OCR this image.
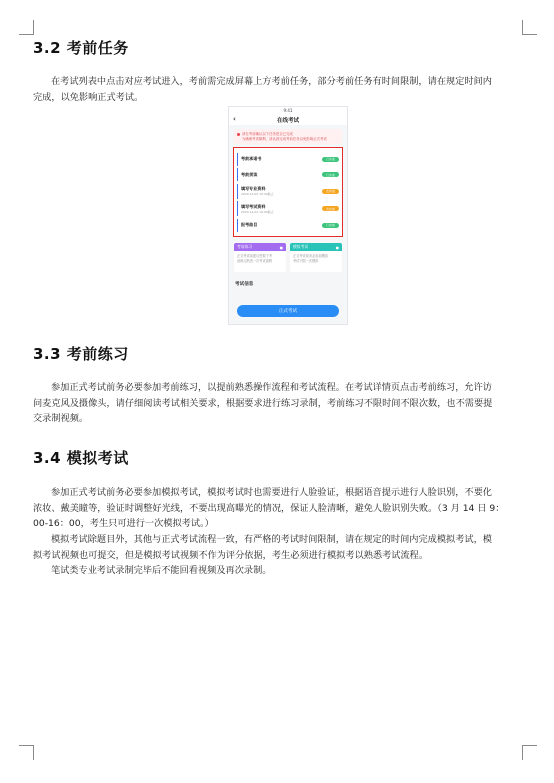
3.2 考前任务

在考试列表中点击对应考试进入，考前需完成屏幕上方考前任务，部分考前任务有时间限制，请在规定时间内
完成，以免影响正式考试。

9:41
‹	在线考试
请在考前确认以下任务是否已完成
为确保考试顺利，请认真完成考前任务以免影响正式考试
考前承诺书	已完成
考前须读	已完成
填写专业资料
2020.12.02 10:00截止
去完成
填写考试资料
2020.12.02 10:00截止
去完成
报考曲目	已完成
考前练习	●
正式考试前建议您做下考
前练习熟悉一次考试流程
模拟考试	●
正式考试前务必参加模拟
考试不限一次模拟
考试信息
正式考试
3.3 考前练习

参加正式考试前务必要参加考前练习，以提前熟悉操作流程和考试流程。在考试详情页点击考前练习，允许访
问麦克风及摄像头，请仔细阅读考试相关要求，根据要求进行练习录制，考前练习不限时间不限次数，也不需要提
交录制视频。

3.4 模拟考试

参加正式考试前务必要参加模拟考试，模拟考试时也需要进行人脸验证，根据语音提示进行人脸识别，不要化
浓妆、戴美瞳等，验证时调整好光线，不要出现高曝光的情况，保证人脸清晰，避免人脸识别失败。（3 月 14 日 9：
00-16：00，考生只可进行一次模拟考试。）

模拟考试除题目外，其他与正式考试流程一致，有严格的考试时间限制，请在规定的时间内完成模拟考试，模
拟考试视频也可提交，但是模拟考试视频不作为评分依据，考生必须进行模拟考以熟悉考试流程。

笔试类专业考试录制完毕后不能回看视频及再次录制。
